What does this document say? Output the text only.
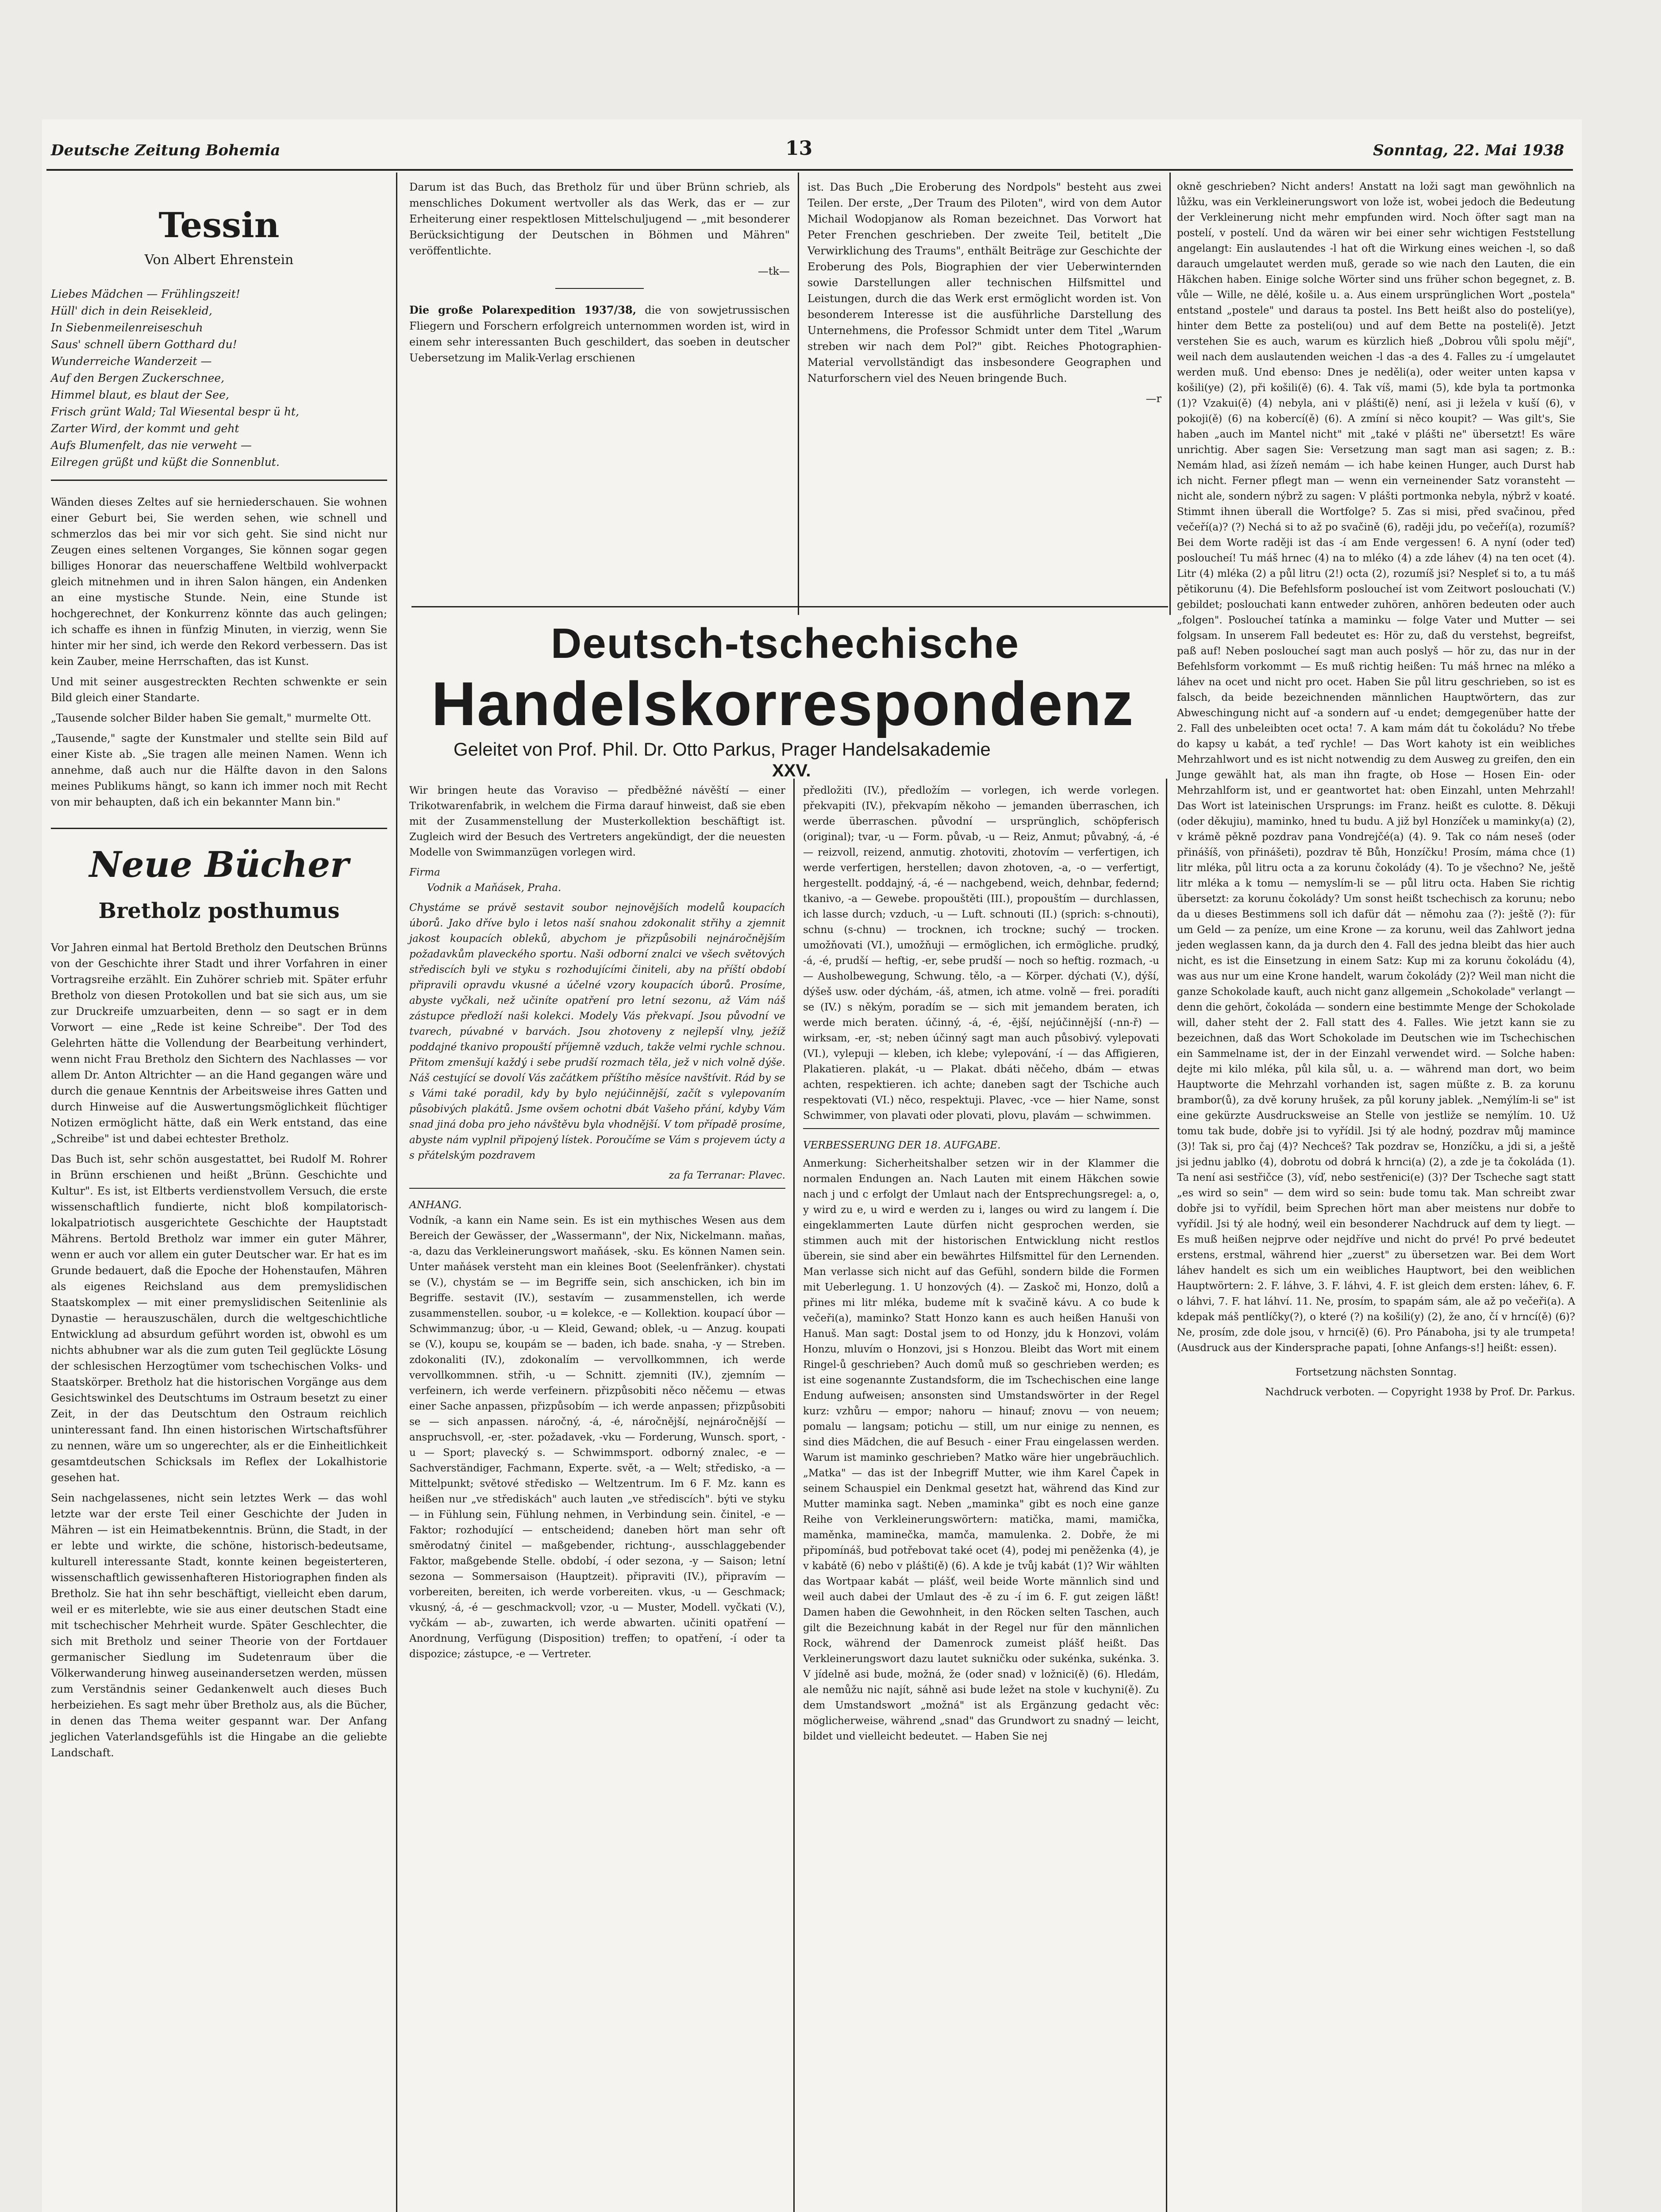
Deutsche Zeitung Bohemia	13	Sonntag, 22. Mai 1938
Tessin
Von Albert Ehrenstein
Liebes Mädchen — Frühlingszeit!
Hüll' dich in dein Reisekleid,
In Siebenmeilenreiseschuh
Saus' schnell übern Gotthard du!
Wunderreiche Wanderzeit —
Auf den Bergen Zuckerschnee,
Himmel blaut, es blaut der See,
Frisch grünt Wald; Tal Wiesental bespr ü ht,
Zarter Wird, der kommt und geht
Aufs Blumenfelt, das nie verweht —
Eilregen grüßt und küßt die Sonnenblut.

Wänden dieses Zeltes auf sie herniederschauen. Sie wohnen einer Geburt bei, Sie werden sehen, wie schnell und schmerzlos das bei mir vor sich geht. Sie sind nicht nur Zeugen eines seltenen Vorganges, Sie können sogar gegen billiges Honorar das neuerschaffene Weltbild wohlverpackt gleich mitnehmen und in ihren Salon hängen, ein Andenken an eine mystische Stunde. Nein, eine Stunde ist hochgerechnet, der Konkurrenz könnte das auch gelingen; ich schaffe es ihnen in fünfzig Minuten, in vierzig, wenn Sie hinter mir her sind, ich werde den Rekord verbessern. Das ist kein Zauber, meine Herrschaften, das ist Kunst.

Und mit seiner ausgestreckten Rechten schwenkte er sein Bild gleich einer Standarte.

„Tausende solcher Bilder haben Sie gemalt," murmelte Ott.

„Tausende," sagte der Kunstmaler und stellte sein Bild auf einer Kiste ab. „Sie tragen alle meinen Namen. Wenn ich annehme, daß auch nur die Hälfte davon in den Salons meines Publikums hängt, so kann ich immer noch mit Recht von mir behaupten, daß ich ein bekannter Mann bin."

Neue Bücher
Bretholz posthumus

Vor Jahren einmal hat Bertold Bretholz den Deutschen Brünns von der Geschichte ihrer Stadt und ihrer Vorfahren in einer Vortragsreihe erzählt. Ein Zuhörer schrieb mit. Später erfuhr Bretholz von diesen Protokollen und bat sie sich aus, um sie zur Druckreife umzuarbeiten, denn — so sagt er in dem Vorwort — eine „Rede ist keine Schreibe". Der Tod des Gelehrten hätte die Vollendung der Bearbeitung verhindert, wenn nicht Frau Bretholz den Sichtern des Nachlasses — vor allem Dr. Anton Altrichter — an die Hand gegangen wäre und durch die genaue Kenntnis der Arbeitsweise ihres Gatten und durch Hinweise auf die Auswertungsmöglichkeit flüchtiger Notizen ermöglicht hätte, daß ein Werk entstand, das eine „Schreibe" ist und dabei echtester Bretholz.

Das Buch ist, sehr schön ausgestattet, bei Rudolf M. Rohrer in Brünn erschienen und heißt „Brünn. Geschichte und Kultur". Es ist, ist Eltberts verdienstvollem Versuch, die erste wissenschaftlich fundierte, nicht bloß kompilatorisch-lokalpatriotisch ausgerichtete Geschichte der Hauptstadt Mährens. Bertold Bretholz war immer ein guter Mährer, wenn er auch vor allem ein guter Deutscher war. Er hat es im Grunde bedauert, daß die Epoche der Hohenstaufen, Mähren als eigenes Reichsland aus dem premyslidischen Staatskomplex — mit einer premyslidischen Seitenlinie als Dynastie — herauszuschälen, durch die weltgeschichtliche Entwicklung ad absurdum geführt worden ist, obwohl es um nichts abhubner war als die zum guten Teil geglückte Lösung der schlesischen Herzogtümer vom tschechischen Volks- und Staatskörper. Bretholz hat die historischen Vorgänge aus dem Gesichtswinkel des Deutschtums im Ostraum besetzt zu einer Zeit, in der das Deutschtum den Ostraum reichlich uninteressant fand. Ihn einen historischen Wirtschaftsführer zu nennen, wäre um so ungerechter, als er die Einheitlichkeit gesamtdeutschen Schicksals im Reflex der Lokalhistorie gesehen hat.

Sein nachgelassenes, nicht sein letztes Werk — das wohl letzte war der erste Teil einer Geschichte der Juden in Mähren — ist ein Heimatbekenntnis. Brünn, die Stadt, in der er lebte und wirkte, die schöne, historisch-bedeutsame, kulturell interessante Stadt, konnte keinen begeisterteren, wissenschaftlich gewissenhafteren Historiographen finden als Bretholz. Sie hat ihn sehr beschäftigt, vielleicht eben darum, weil er es miterlebte, wie sie aus einer deutschen Stadt eine mit tschechischer Mehrheit wurde. Später Geschlechter, die sich mit Bretholz und seiner Theorie von der Fortdauer germanischer Siedlung im Sudetenraum über die Völkerwanderung hinweg auseinandersetzen werden, müssen zum Verständnis seiner Gedankenwelt auch dieses Buch herbeiziehen. Es sagt mehr über Bretholz aus, als die Bücher, in denen das Thema weiter gespannt war. Der Anfang jeglichen Vaterlandsgefühls ist die Hingabe an die geliebte Landschaft.

Darum ist das Buch, das Bretholz für und über Brünn schrieb, als menschliches Dokument wertvoller als das Werk, das er — zur Erheiterung einer respektlosen Mittelschuljugend — „mit besonderer Berücksichtigung der Deutschen in Böhmen und Mähren" veröffentlichte.

—tk—

Die große Polarexpedition 1937/38, die von sowjetrussischen Fliegern und Forschern erfolgreich unternommen worden ist, wird in einem sehr interessanten Buch geschildert, das soeben in deutscher Uebersetzung im Malik-Verlag erschienen

ist. Das Buch „Die Eroberung des Nordpols" besteht aus zwei Teilen. Der erste, „Der Traum des Piloten", wird von dem Autor Michail Wodopjanow als Roman bezeichnet. Das Vorwort hat Peter Frenchen geschrieben. Der zweite Teil, betitelt „Die Verwirklichung des Traums", enthält Beiträge zur Geschichte der Eroberung des Pols, Biographien der vier Ueberwinternden sowie Darstellungen aller technischen Hilfsmittel und Leistungen, durch die das Werk erst ermöglicht worden ist. Von besonderem Interesse ist die ausführliche Darstellung des Unternehmens, die Professor Schmidt unter dem Titel „Warum streben wir nach dem Pol?" gibt. Reiches Photographien-Material vervollständigt das insbesondere Geographen und Naturforschern viel des Neuen bringende Buch.

—r
Deutsch-tschechische
Handelskorrespondenz
Geleitet von Prof. Phil. Dr. Otto Parkus, Prager Handelsakademie
XXV.

Wir bringen heute das Voraviso — předběžné návěští — einer Trikotwarenfabrik, in welchem die Firma darauf hinweist, daß sie eben mit der Zusammenstellung der Musterkollektion beschäftigt ist. Zugleich wird der Besuch des Vertreters angekündigt, der die neuesten Modelle von Swimmanzügen vorlegen wird.

Firma

Vodnik a Maňásek, Praha.

Chystáme se právě sestavit soubor nejnovějších modelů koupacích úborů. Jako dříve bylo i letos naší snahou zdokonalit střihy a zjemnit jakost koupacích obleků, abychom je přizpůsobili nejnáročnějším požadavkům plaveckého sportu. Naši odborní znalci ve všech světových střediscích byli ve styku s rozhodujícími činiteli, aby na příští období připravili opravdu vkusné a účelné vzory koupacích úborů. Prosíme, abyste vyčkali, než učiníte opatření pro letní sezonu, až Vám náš zástupce předloží naši kolekci. Modely Vás překvapí. Jsou původní ve tvarech, púvabné v barvách. Jsou zhotoveny z nejlepší vlny, ježíž poddajné tkanivo propouští příjemně vzduch, takže velmi rychle schnou. Přitom zmenšují každý i sebe prudší rozmach těla, jež v nich volně dýše. Náš cestující se dovolí Vás začátkem příštího měsíce navštívit. Rád by se s Vámi také poradil, kdy by bylo nejúčinnější, začít s vylepovaním působivých plakátů. Jsme ovšem ochotni dbát Vašeho přání, kdyby Vám snad jiná doba pro jeho návštěvu byla vhodnější. V tom případě prosíme, abyste nám vyplnil připojený lístek. Poroučíme se Vám s projevem úcty a s přátelským pozdravem

za fa Terranar: Plavec.

ANHANG.

Vodník, -a kann ein Name sein. Es ist ein mythisches Wesen aus dem Bereich der Gewässer, der „Wassermann", der Nix, Nickelmann. maňas, -a, dazu das Verkleinerungswort maňásek, -sku. Es können Namen sein. Unter maňásek versteht man ein kleines Boot (Seelenfränker). chystati se (V.), chystám se — im Begriffe sein, sich anschicken, ich bin im Begriffe. sestavit (IV.), sestavím — zusammenstellen, ich werde zusammenstellen. soubor, -u = kolekce, -e — Kollektion. koupací úbor — Schwimmanzug; úbor, -u — Kleid, Gewand; oblek, -u — Anzug. koupati se (V.), koupu se, koupám se — baden, ich bade. snaha, -y — Streben. zdokonaliti (IV.), zdokonalím — vervollkommnen, ich werde vervollkommnen. střih, -u — Schnitt. zjemniti (IV.), zjemním — verfeinern, ich werde verfeinern. přizpůsobiti něco něčemu — etwas einer Sache anpassen, přizpůsobím — ich werde anpassen; přizpůsobiti se — sich anpassen. náročný, -á, -é, náročnější, nejnáročnější — anspruchsvoll, -er, -ster. požadavek, -vku — Forderung, Wunsch. sport, -u — Sport; plavecký s. — Schwimmsport. odborný znalec, -e — Sachverständiger, Fachmann, Experte. svět, -a — Welt; středisko, -a — Mittelpunkt; světové středisko — Weltzentrum. Im 6 F. Mz. kann es heißen nur „ve střediskách" auch lauten „ve střediscích". býti ve styku — in Fühlung sein, Fühlung nehmen, in Verbindung sein. činitel, -e — Faktor; rozhodující — entscheidend; daneben hört man sehr oft směrodatný činitel — maßgebender, richtung-, ausschlaggebender Faktor, maßgebende Stelle. období, -í oder sezona, -y — Saison; letní sezona — Sommersaison (Hauptzeit). připraviti (IV.), připravím — vorbereiten, bereiten, ich werde vorbereiten. vkus, -u — Geschmack; vkusný, -á, -é — geschmackvoll; vzor, -u — Muster, Modell. vyčkati (V.), vyčkám — ab-, zuwarten, ich werde abwarten. učiniti opatření — Anordnung, Verfügung (Disposition) treffen; to opatření, -í oder ta dispozice; zástupce, -e — Vertreter.

předložiti (IV.), předložím — vorlegen, ich werde vorlegen. překvapiti (IV.), překvapím někoho — jemanden überraschen, ich werde überraschen. původní — ursprünglich, schöpferisch (original); tvar, -u — Form. půvab, -u — Reiz, Anmut; půvabný, -á, -é — reizvoll, reizend, anmutig. zhotoviti, zhotovím — verfertigen, ich werde verfertigen, herstellen; davon zhotoven, -a, -o — verfertigt, hergestellt. poddajný, -á, -é — nachgebend, weich, dehnbar, federnd; tkanivo, -a — Gewebe. propouštěti (III.), propouštím — durchlassen, ich lasse durch; vzduch, -u — Luft. schnouti (II.) (sprich: s-chnouti), schnu (s-chnu) — trocknen, ich trockne; suchý — trocken. umožňovati (VI.), umožňuji — ermöglichen, ich ermögliche. prudký, -á, -é, prudší — heftig, -er, sebe prudší — noch so heftig. rozmach, -u — Ausholbewegung, Schwung. tělo, -a — Körper. dýchati (V.), dýší, dýšeš usw. oder dýchám, -áš, atmen, ich atme. volně — frei. poradíti se (IV.) s někým, poradím se — sich mit jemandem beraten, ich werde mich beraten. účinný, -á, -é, -ější, nejúčinnější (-nn-ř) — wirksam, -er, -st; neben účinný sagt man auch působivý. vylepovati (VI.), vylepuji — kleben, ich klebe; vylepování, -í — das Affigieren, Plakatieren. plakát, -u — Plakat. dbáti něčeho, dbám — etwas achten, respektieren. ich achte; daneben sagt der Tschiche auch respektovati (VI.) něco, respektuji. Plavec, -vce — hier Name, sonst Schwimmer, von plavati oder plovati, plovu, plavám — schwimmen.

VERBESSERUNG DER 18. AUFGABE.

Anmerkung: Sicherheitshalber setzen wir in der Klammer die normalen Endungen an. Nach Lauten mit einem Häkchen sowie nach j und c erfolgt der Umlaut nach der Entsprechungsregel: a, o, y wird zu e, u wird e werden zu i, langes ou wird zu langem í. Die eingeklammerten Laute dürfen nicht gesprochen werden, sie stimmen auch mit der historischen Entwicklung nicht restlos überein, sie sind aber ein bewährtes Hilfsmittel für den Lernenden. Man verlasse sich nicht auf das Gefühl, sondern bilde die Formen mit Ueberlegung. 1. U honzových (4). — Zaskoč mi, Honzo, dolů a přines mi litr mléka, budeme mít k svačině kávu. A co bude k večeři(a), maminko? Statt Honzo kann es auch heißen Hanuši von Hanuš. Man sagt: Dostal jsem to od Honzy, jdu k Honzovi, volám Honzu, mluvím o Honzovi, jsi s Honzou. Bleibt das Wort mit einem Ringel-ů geschrieben? Auch domů muß so geschrieben werden; es ist eine sogenannte Zustandsform, die im Tschechischen eine lange Endung aufweisen; ansonsten sind Umstandswörter in der Regel kurz: vzhůru — empor; nahoru — hinauf; znovu — von neuem; pomalu — langsam; potichu — still, um nur einige zu nennen, es sind dies Mädchen, die auf Besuch - einer Frau eingelassen werden. Warum ist maminko geschrieben? Matko wäre hier ungebräuchlich. „Matka" — das ist der Inbegriff Mutter, wie ihm Karel Čapek in seinem Schauspiel ein Denkmal gesetzt hat, während das Kind zur Mutter maminka sagt. Neben „maminka" gibt es noch eine ganze Reihe von Verkleinerungswörtern: matička, mami, mamička, maměnka, maminečka, mamča, mamulenka. 2. Dobře, že mi připomínáš, bud potřebovat také ocet (4), podej mi peněženka (4), je v kabátě (6) nebo v plášti(ě) (6). A kde je tvůj kabát (1)? Wir wählten das Wortpaar kabát — plášť, weil beide Worte männlich sind und weil auch dabei der Umlaut des -ě zu -í im 6. F. gut zeigen läßt! Damen haben die Gewohnheit, in den Röcken selten Taschen, auch gilt die Bezeichnung kabát in der Regel nur für den männlichen Rock, während der Damenrock zumeist plášť heißt. Das Verkleinerungswort dazu lautet sukničku oder sukénka, sukénka. 3. V jídelně asi bude, možná, že (oder snad) v ložnici(ě) (6). Hledám, ale nemůžu nic najít, sáhně asi bude ležet na stole v kuchyni(ě). Zu dem Umstandswort „možná" ist als Ergänzung gedacht věc: möglicherweise, während „snad" das Grundwort zu snadný — leicht, bildet und vielleicht bedeutet. — Haben Sie nej

okně geschrieben? Nicht anders! Anstatt na loži sagt man gewöhnlich na lůžku, was ein Verkleinerungswort von lože ist, wobei jedoch die Bedeutung der Verkleinerung nicht mehr empfunden wird. Noch öfter sagt man na postelí, v postelí. Und da wären wir bei einer sehr wichtigen Feststellung angelangt: Ein auslautendes -l hat oft die Wirkung eines weichen -l, so daß darauch umgelautet werden muß, gerade so wie nach den Lauten, die ein Häkchen haben. Einige solche Wörter sind uns früher schon begegnet, z. B. vůle — Wille, ne dělé, košile u. a. Aus einem ursprünglichen Wort „postela" entstand „postele" und daraus ta postel. Ins Bett heißt also do posteli(ye), hinter dem Bette za posteli(ou) und auf dem Bette na posteli(ě). Jetzt verstehen Sie es auch, warum es kürzlich hieß „Dobrou vůli spolu mějí", weil nach dem auslautenden weichen -l das -a des 4. Falles zu -í umgelautet werden muß. Und ebenso: Dnes je neděli(a), oder weiter unten kapsa v košili(ye) (2), při košili(ě) (6). 4. Tak víš, mami (5), kde byla ta portmonka (1)? Vzakui(ě) (4) nebyla, ani v plášti(ě) není, asi ji ležela v kuší (6), v pokoji(ě) (6) na kobercí(ě) (6). A zmíní si něco koupit? — Was gilt's, Sie haben „auch im Mantel nicht" mit „také v plášti ne" übersetzt! Es wäre unrichtig. Aber sagen Sie: Versetzung man sagt man asi sagen; z. B.: Nemám hlad, asi žízeň nemám — ich habe keinen Hunger, auch Durst hab ich nicht. Ferner pflegt man — wenn ein verneinender Satz voransteht — nicht ale, sondern nýbrž zu sagen: V plášti portmonka nebyla, nýbrž v koaté. Stimmt ihnen überall die Wortfolge? 5. Zas si misi, před svačinou, před večeří(a)? (?) Nechá si to až po svačině (6), raději jdu, po večeří(a), rozumíš? Bei dem Worte raději ist das -í am Ende vergessen! 6. A nyní (oder teď) posloucheí! Tu máš hrnec (4) na to mléko (4) a zde láhev (4) na ten ocet (4). Litr (4) mléka (2) a půl litru (2!) octa (2), rozumíš jsi? Nespleť si to, a tu máš pětikorunu (4). Die Befehlsform posloucheí ist vom Zeitwort poslouchati (V.) gebildet; poslouchati kann entweder zuhören, anhören bedeuten oder auch „folgen". Posloucheí tatínka a maminku — folge Vater und Mutter — sei folgsam. In unserem Fall bedeutet es: Hör zu, daß du verstehst, begreifst, paß auf! Neben posloucheí sagt man auch poslyš — hör zu, das nur in der Befehlsform vorkommt — Es muß richtig heißen: Tu máš hrnec na mléko a láhev na ocet und nicht pro ocet. Haben Sie půl litru geschrieben, so ist es falsch, da beide bezeichnenden männlichen Hauptwörtern, das zur Abweschingung nicht auf -a sondern auf -u endet; demgegenüber hatte der 2. Fall des unbeleibten ocet octa! 7. A kam mám dát tu čokoládu? No třebe do kapsy u kabát, a teď rychle! — Das Wort kahoty ist ein weibliches Mehrzahlwort und es ist nicht notwendig zu dem Ausweg zu greifen, den ein Junge gewählt hat, als man ihn fragte, ob Hose — Hosen Ein- oder Mehrzahlform ist, und er geantwortet hat: oben Einzahl, unten Mehrzahl! Das Wort ist lateinischen Ursprungs: im Franz. heißt es culotte. 8. Děkuji (oder děkujiu), maminko, hned tu budu. A již byl Honzíček u maminky(a) (2), v krámě pěkně pozdrav pana Vondrejčé(a) (4). 9. Tak co nám neseš (oder přinášíš, von přinášeti), pozdrav tě Bůh, Honzíčku! Prosím, máma chce (1) litr mléka, půl litru octa a za korunu čokolády (4). To je všechno? Ne, ještě litr mléka a k tomu — nemyslím-li se — půl litru octa. Haben Sie richtig übersetzt: za korunu čokolády? Um sonst heißt tschechisch za korunu; nebo da u dieses Bestimmens soll ich dafür dát — němohu zaa (?): ještě (?): für um Geld — za peníze, um eine Krone — za korunu, weil das Zahlwort jedna jeden weglassen kann, da ja durch den 4. Fall des jedna bleibt das hier auch nicht, es ist die Einsetzung in einem Satz: Kup mi za korunu čokoládu (4), was aus nur um eine Krone handelt, warum čokolády (2)? Weil man nicht die ganze Schokolade kauft, auch nicht ganz allgemein „Schokolade" verlangt — denn die gehört, čokoláda — sondern eine bestimmte Menge der Schokolade will, daher steht der 2. Fall statt des 4. Falles. Wie jetzt kann sie zu bezeichnen, daß das Wort Schokolade im Deutschen wie im Tschechischen ein Sammelname ist, der in der Einzahl verwendet wird. — Solche haben: dejte mi kilo mléka, půl kila sůl, u. a. — während man dort, wo beim Hauptworte die Mehrzahl vorhanden ist, sagen müßte z. B. za korunu brambor(ů), za dvě koruny hrušek, za půl koruny jablek. „Nemýlím-li se" ist eine gekürzte Ausdrucksweise an Stelle von jestliže se nemýlím. 10. Už tomu tak bude, dobře jsi to vyřídil. Jsi tý ale hodný, pozdrav můj mamince (3)! Tak si, pro čaj (4)? Nechceš? Tak pozdrav se, Honzíčku, a jdi si, a ještě jsi jednu jablko (4), dobrotu od dobrá k hrnci(a) (2), a zde je ta čokoláda (1). Ta není asi sestřičce (3), víď, nebo sestřenici(e) (3)? Der Tscheche sagt statt „es wird so sein" — dem wird so sein: bude tomu tak. Man schreibt zwar dobře jsi to vyřídil, beim Sprechen hört man aber meistens nur dobře to vyřídil. Jsi tý ale hodný, weil ein besonderer Nachdruck auf dem ty liegt. — Es muß heißen nejprve oder nejdříve und nicht do prvé! Po prvé bedeutet erstens, erstmal, während hier „zuerst" zu übersetzen war. Bei dem Wort láhev handelt es sich um ein weibliches Hauptwort, bei den weiblichen Hauptwörtern: 2. F. láhve, 3. F. láhvi, 4. F. ist gleich dem ersten: láhev, 6. F. o láhvi, 7. F. hat láhví. 11. Ne, prosím, to spapám sám, ale až po večeři(a). A kdepak máš pentlíčky(?), o které (?) na košili(y) (2), že ano, čí v hrncí(ě) (6)? Ne, prosím, zde dole jsou, v hrnci(ě) (6). Pro Pánaboha, jsi ty ale trumpeta! (Ausdruck aus der Kindersprache papati, [ohne Anfangs-s!] heißt: essen).

Fortsetzung nächsten Sonntag.

Nachdruck verboten. — Copyright 1938 by Prof. Dr. Parkus.
